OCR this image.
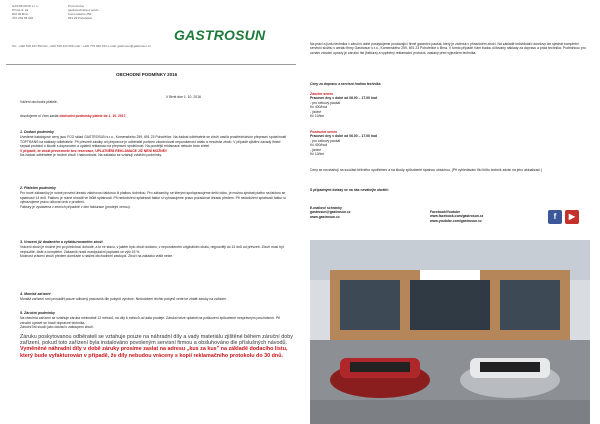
GASTROSUN s.r.o.
Přímá ul. 2a
602 00 Brno
IČO 253 58 002
Provozovna
gastrotechnika a servis
Komenského 259
691 23 Pohořelice
Tel.: +420 518 421 654 fax: +420 519 424 069 mob.: +420 776 666 972 e-mail: gastrosun@gastrosun.cz
GASTROSUN
OBCHODNÍ PODMÍNKY 2016
V Brně dne 1. 10. 2016
Vážení obchodní přátelé,
dovolujeme si Vám zaslat obchodní podmínky platné do 1. 10. 2017.
1. Dodací podmínky

Uvedené katalogové ceny jsou FCO sklad GASTROSUN s.r.o., Komenského 259, 691 23 Pohořelice. Na žádost odběratele se zboží zasílá prostřednictvím přepravní společnosti TOPTRANS na náklady odběratele. Při převzetí zásilky od přepravce je odběratel povinen zkontrolovat neporušenost obalu a množství zboží. V případě zjištění závady ihned sepsat protokol o škodě s dopravcem a uplatnit reklamaci na přepravní společnost. Na pozdější reklamace nebude brán zřetel.

V případě, že zboží převezmete bez reservace, UPLATNĚNÍ REKLAMACE JIŽ NENÍ MOŽNÉ!!

Na žádost odběratele je možné zboží i namontovat. Na zakázku se vztahují zvláštní podmínky.

2. Platební podmínky

Pro nové zákazníky je nutné provést úhradu zálohovou fakturou či platbou dobírkou. Pro zákazníky, se kterými spolupracujeme delší dobu, je možno sjednat platbu na fakturu se splatností 14 dnů. Fakturu je nutné uhradit ve lhůtě splatnosti. Při nedodržení splatnosti faktur si vyhrazujeme právo požadovat úhradu předem. Při nedodržení splatnosti faktur si vyhrazujeme právo účtovat úrok z prodlení.

Faktury je vystavena v zemích případně v den fakturace (prodejní cenou).

3. Vracení již dodaného a vyfakturovaného zboží

Vrácení zboží je možné jen po předchozí dohodě, a to ve stavu, v jakém bylo zboží dodáno, v neporušeném originálním obalu, nejpozději do 14 dnů od převzetí. Zboží musí být nepoužité, čisté a kompletní. Zákazník hradí manipulační poplatek ve výši 15 %.

Možnost vrácení zboží předem domluvte s našimi obchodními zástupci. Zboží na zakázku vrátit nelze.

4. Montáž zařízení

Montáž zařízení smí provádět pouze odborný pracovník dle pokynů výrobce. Nedodržení těchto pokynů vede ke ztrátě záruky na zařízení.

5. Záruční podmínky

Na všechna zařízení se vztahuje záruka minimálně 12 měsíců, na díly 6 měsíců od data prodeje. Záruka nelze uplatnit na poškození způsobené nesprávným používáním. Při záruční opravě se hradí dopravné technika.

Záruční list slouží jako doklad o zakoupení zboží.

Záruku poskytovanou odběrateli se vztahuje pouze na náhradní díly a vady materiálu zjištěné během záruční doby zařízení, pokud toto zařízení byla instalováno povoleným servisní firmou a obsluhováno dle příslušných návodů. Vyměněné náhradní díly v době záruky prosíme zaslat na adresu „kus za kus" na základě dodacího listu, který bude vyfakturován v případě, že díly nebudou vráceny s kopií reklamačního protokolu do 30 dnů.
Na práci a jízdu technika v záruční době poskytujeme prodávající firmě garanční paušál, který je zahrnut v příslušném zboží. Na základě individuální domluvy lze sjednat kompletní servisní službu v areálu firmy Gastrosun s.r.o., Komenského 259, 691 23 Pohořelice u Brna. V tomto případě Vám budou účtovány náklady za dopravu a práci technika. Podmínkou pro uznání záruční opravy je záruční list (faktura) a výplněný reklamační protokol, zaslaný před výjezdem technika.
Ceny za dopravu a servisní hodina technika
Záruční servis
Pracovní dny v době od 06.00 – 17.00 hod
- pro celkový paušál
Kč 400/hod
- jízdné
Kč 10/km
Pozáruční servis
Pracovní dny v době od 06.00 – 17.00 hod
- pro celkový paušál
Kč 400/hod
- jízdné
Kč 10/km
Ceny se nevztahují na součást běžného opotřebení a na škody způsobené špatnou obsluhou. (Při vyhledávání fitu lhůtu technik závisí na jeho aktualizaci.)
S případnými dotazy se na nás neváhejte obrátit:
E-mailové schránky
gastrosun@gastrosun.cz
www.gastrosun.cz
Facebook/Youtube
www.facebook.com/gastrosun.cz
www.youtube.com/gastrosun.cz	f ▶
